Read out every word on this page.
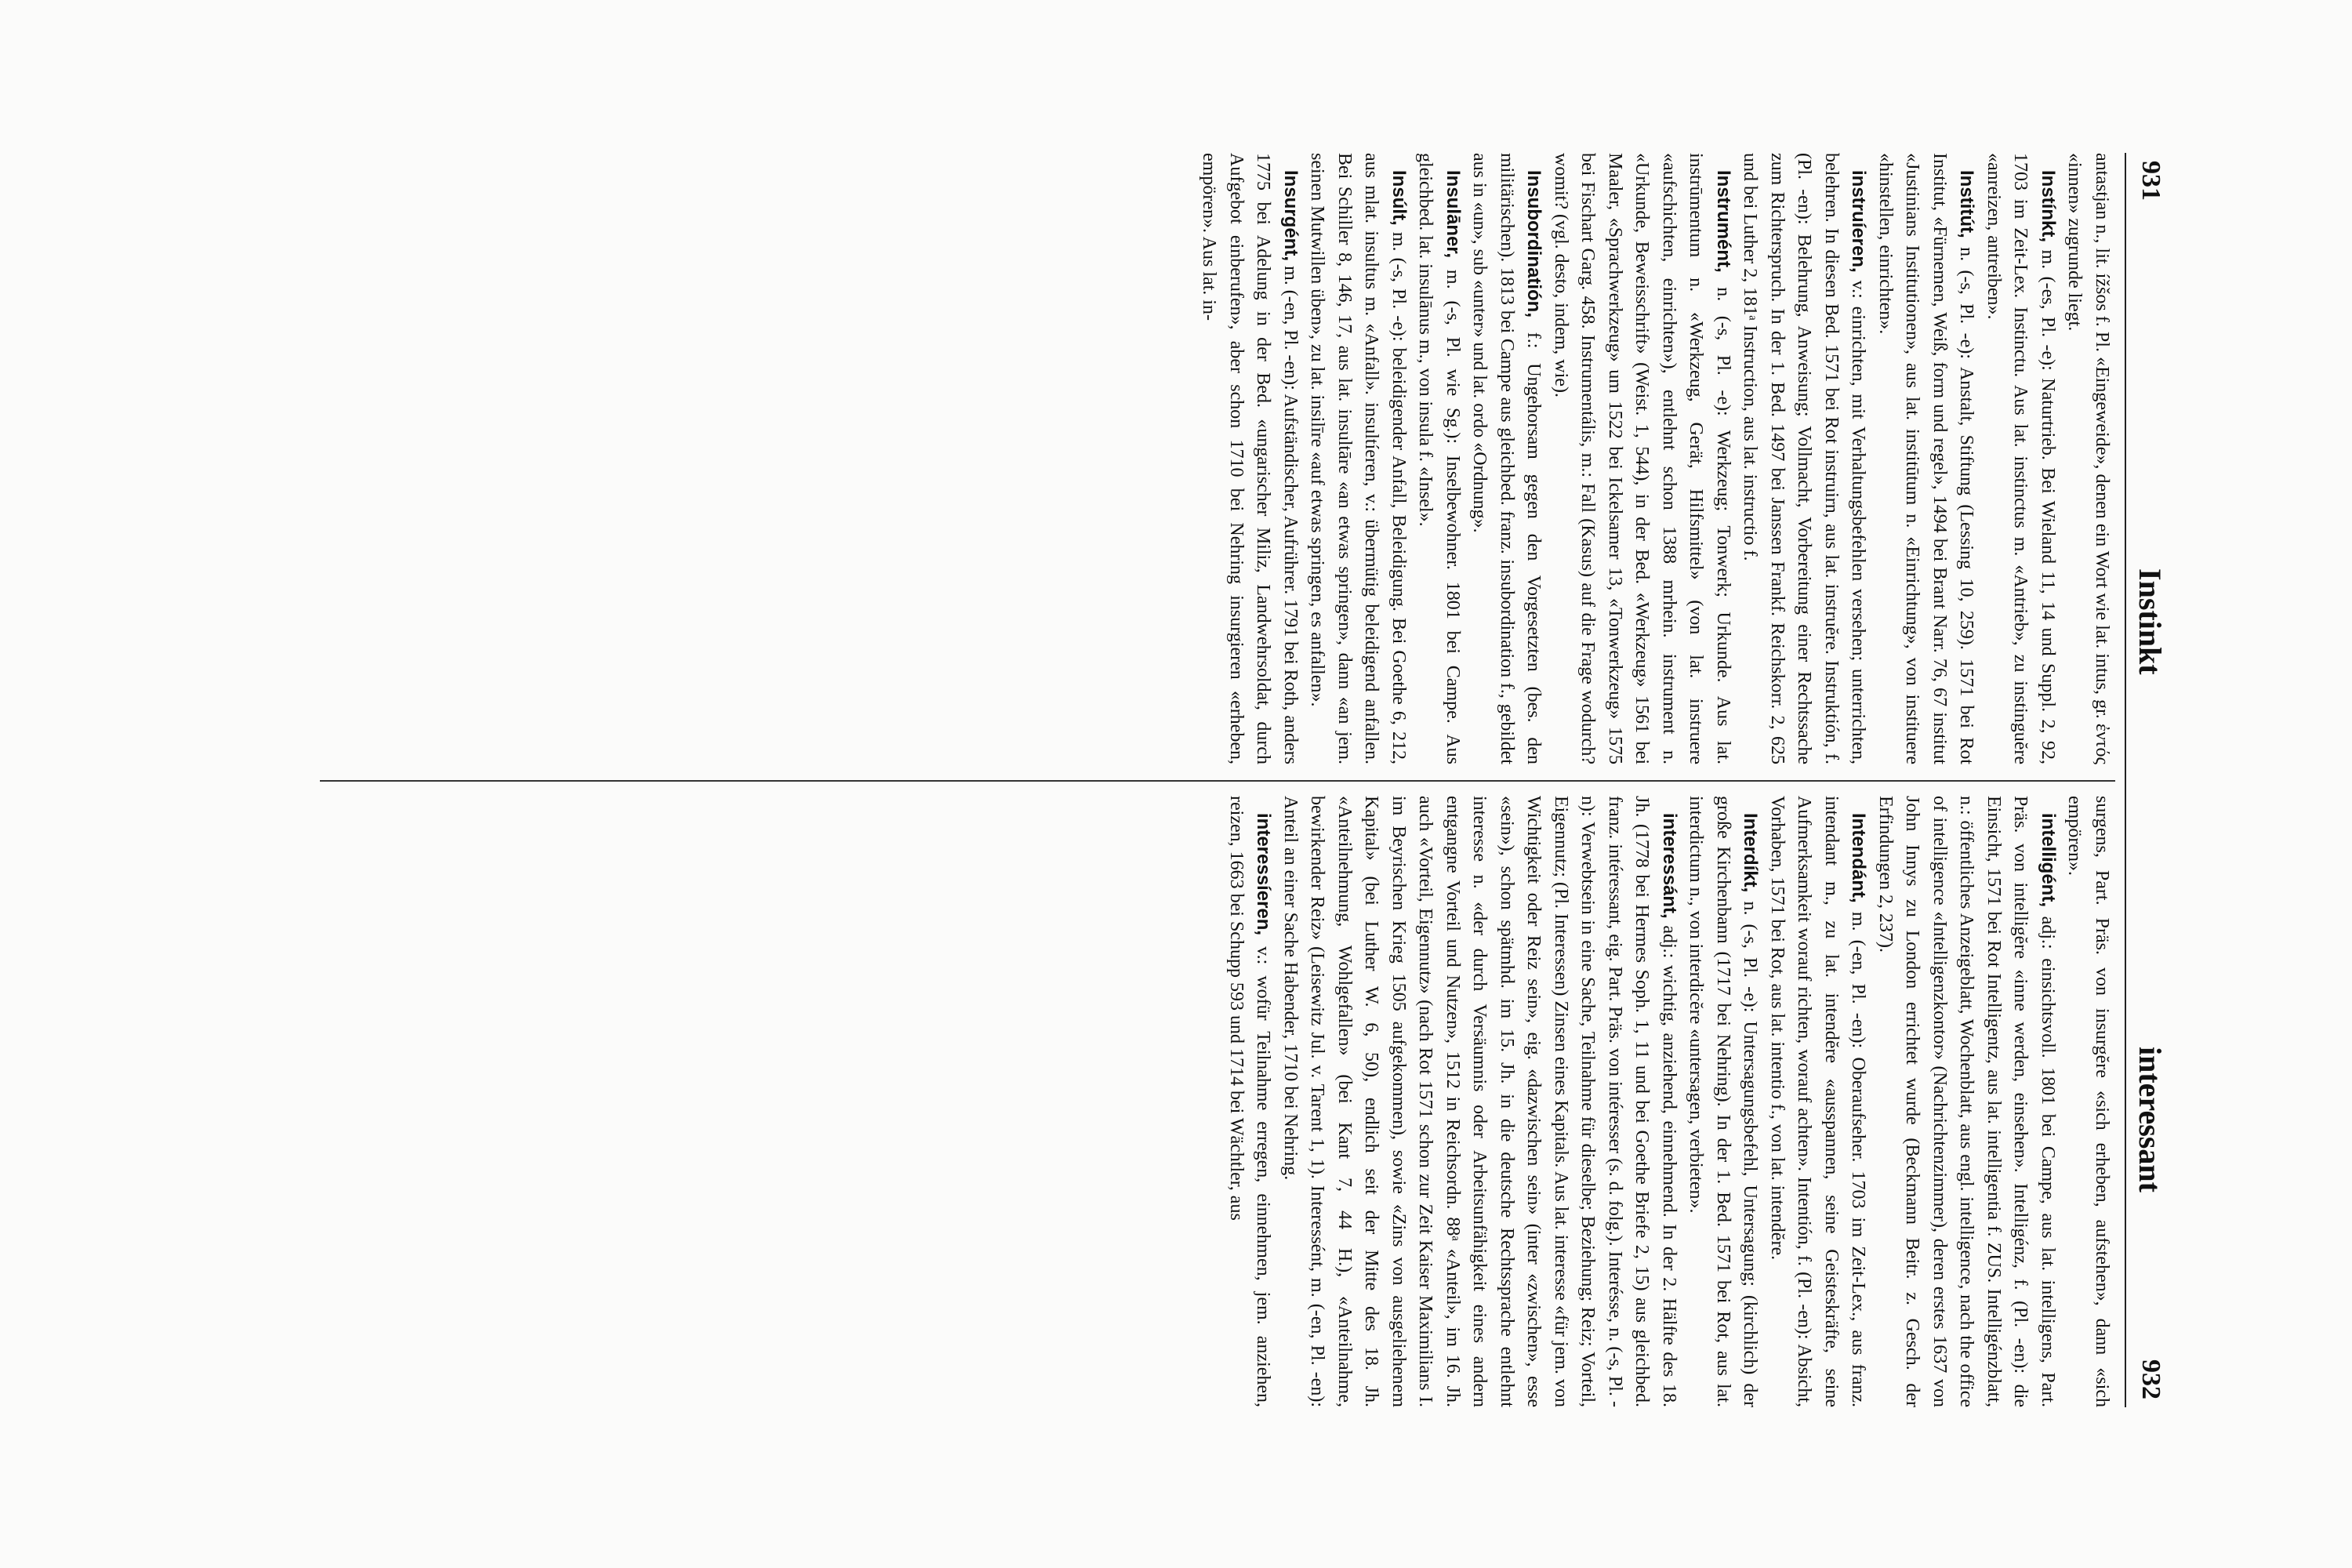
931
Instinkt
interessant
932

antastjan n., lit. ížšos f. Pl. «Eingeweide», denen ein Wort wie lat. intus, gr. ἐντός «innen» zugrunde liegt.

Instínkt, m. (-es, Pl. -e): Naturtrieb. Bei Wieland 11, 14 und Suppl. 2, 92, 1703 im Zeit-Lex. Instinctu. Aus lat. instinctus m. «Antrieb», zu instinguĕre «anreizen, antreiben».

Institút, n. (-s, Pl. -e): Anstalt, Stiftung (Lessing 10, 259). 1571 bei Rot Institut, «Fürnemen, Weiß, form und regel», 1494 bei Brant Narr. 76, 67 institut «Justinians Institutionen», aus lat. institūtum n. «Einrichtung», von instituere «hinstellen, einrichten».

instruíeren, v.: einrichten, mit Verhaltungsbefehlen versehen; unterrichten, belehren. In diesen Bed. 1571 bei Rot instruirn, aus lat. instruĕre. Instruktión, f. (Pl. -en): Belehrung, Anweisung; Vollmacht, Vorbereitung einer Rechtssache zum Richterspruch. In der 1. Bed. 1497 bei Janssen Frankf. Reichskorr. 2, 625 und bei Luther 2, 181ᵃ Instruction, aus lat. instructio f.

Instrumént, n. (-s, Pl. -e): Werkzeug; Tonwerk; Urkunde. Aus lat. instrūmentum n. «Werkzeug, Gerät, Hilfsmittel» (von lat. instruere «aufschichten, einrichten»), entlehnt schon 1388 mrhein. instrument n. «Urkunde, Beweisschrift» (Weist. 1, 544), in der Bed. «Werkzeug» 1561 bei Maaler, «Sprachwerkzeug» um 1522 bei Ickelsamer 13, «Tonwerkzeug» 1575 bei Fischart Garg. 458. Instrumentális, m.: Fall (Kasus) auf die Frage wodurch? womit? (vgl. desto, indem, wie).

Insubordinatión, f.: Ungehorsam gegen den Vorgesetzten (bes. den militärischen). 1813 bei Campe aus gleichbed. franz. insubordination f., gebildet aus in «un», sub «unter» und lat. ordo «Ordnung».

Insulāner, m. (-s, Pl. wie Sg.): Inselbewohner. 1801 bei Campe. Aus gleichbed. lat. insulānus m., von insula f. «Insel».

Insúlt, m. (-s, Pl. -e): beleidigender Anfall, Beleidigung. Bei Goethe 6, 212, aus mlat. insultus m. «Anfall». insultíeren, v.: übermütig beleidigend anfallen. Bei Schiller 8, 146, 17, aus lat. insultāre «an etwas springen», dann «an jem. seinen Mutwillen üben», zu lat. insilīre «auf etwas springen, es anfallen».

Insurgént, m. (-en, Pl. -en): Aufständischer, Aufrührer. 1791 bei Roth, anders 1775 bei Adelung in der Bed. «ungarischer Miliz, Landwehrsoldat, durch Aufgebot einberufen», aber schon 1710 bei Nehring insurgieren «erheben, empören». Aus lat. in-

surgens, Part. Präs. von insurgĕre «sich erheben, aufstehen», dann «sich empören».

intelligént, adj.: einsichtsvoll. 1801 bei Campe, aus lat. intelligens, Part. Präs. von intelligĕre «inne werden, einsehen». Intelligénz, f. (Pl. -en): die Einsicht, 1571 bei Rot Intelligentz, aus lat. intelligentia f. ZUS. Intelligénzblatt, n.: öffentliches Anzeigeblatt, Wochenblatt, aus engl. intelligence, nach the office of intelligence «Intelligenzkontor» (Nachrichtenzimmer), deren erstes 1637 von John Innys zu London errichtet wurde (Beckmann Beitr. z. Gesch. der Erfindungen 2, 237).

Intendánt, m. (-en, Pl. -en): Oberaufseher. 1703 im Zeit-Lex., aus franz. intendant m., zu lat. intendĕre «ausspannen, seine Geisteskräfte, seine Aufmerksamkeit worauf richten, worauf achten». Intentión, f. (Pl. -en): Absicht, Vorhaben, 1571 bei Rot, aus lat. intentio f., von lat. intendĕre.

Interdíkt, n. (-s, Pl. -e): Untersagungsbefehl, Untersagung; (kirchlich) der große Kirchenbann (1717 bei Nehring). In der 1. Bed. 1571 bei Rot, aus lat. interdictum n., von interdicĕre «untersagen, verbieten».

interessánt, adj.: wichtig, anziehend, einnehmend. In der 2. Hälfte des 18. Jh. (1778 bei Hermes Soph. 1, 11 und bei Goethe Briefe 2, 15) aus gleichbed. franz. intéressant, eig. Part. Präs. von intéresser (s. d. folg.). Interésse, n. (-s, Pl. -n): Verwebtsein in eine Sache, Teilnahme für dieselbe; Beziehung; Reiz; Vorteil, Eigennutz; (Pl. Interessen) Zinsen eines Kapitals. Aus lat. interesse «für jem. von Wichtigkeit oder Reiz sein», eig. «dazwischen sein» (inter «zwischen», esse «sein»), schon spätmhd. im 15. Jh. in die deutsche Rechtssprache entlehnt interesse n. «der durch Versäumnis oder Arbeitsunfähigkeit eines andern entgangne Vorteil und Nutzen», 1512 in Reichsordn. 88ᵃ «Anteil», im 16. Jh. auch «Vorteil, Eigennutz» (nach Rot 1571 schon zur Zeit Kaiser Maximilians I. im Beyrischen Krieg 1505 aufgekommen), sowie «Zins von ausgeliehenem Kapital» (bei Luther W. 6, 50), endlich seit der Mitte des 18. Jh. «Anteilnehmung, Wohlgefallen» (bei Kant 7, 44 H.), «Anteilnahme, bewirkender Reiz» (Leisewitz Jul. v. Tarent 1, 1). Interessént, m. (-en, Pl. -en): Anteil an einer Sache Habender, 1710 bei Nehring.

interessíeren, v.: wofür Teilnahme erregen, einnehmen, jem. anziehen, reizen, 1663 bei Schupp 593 und 1714 bei Wächtler, aus
